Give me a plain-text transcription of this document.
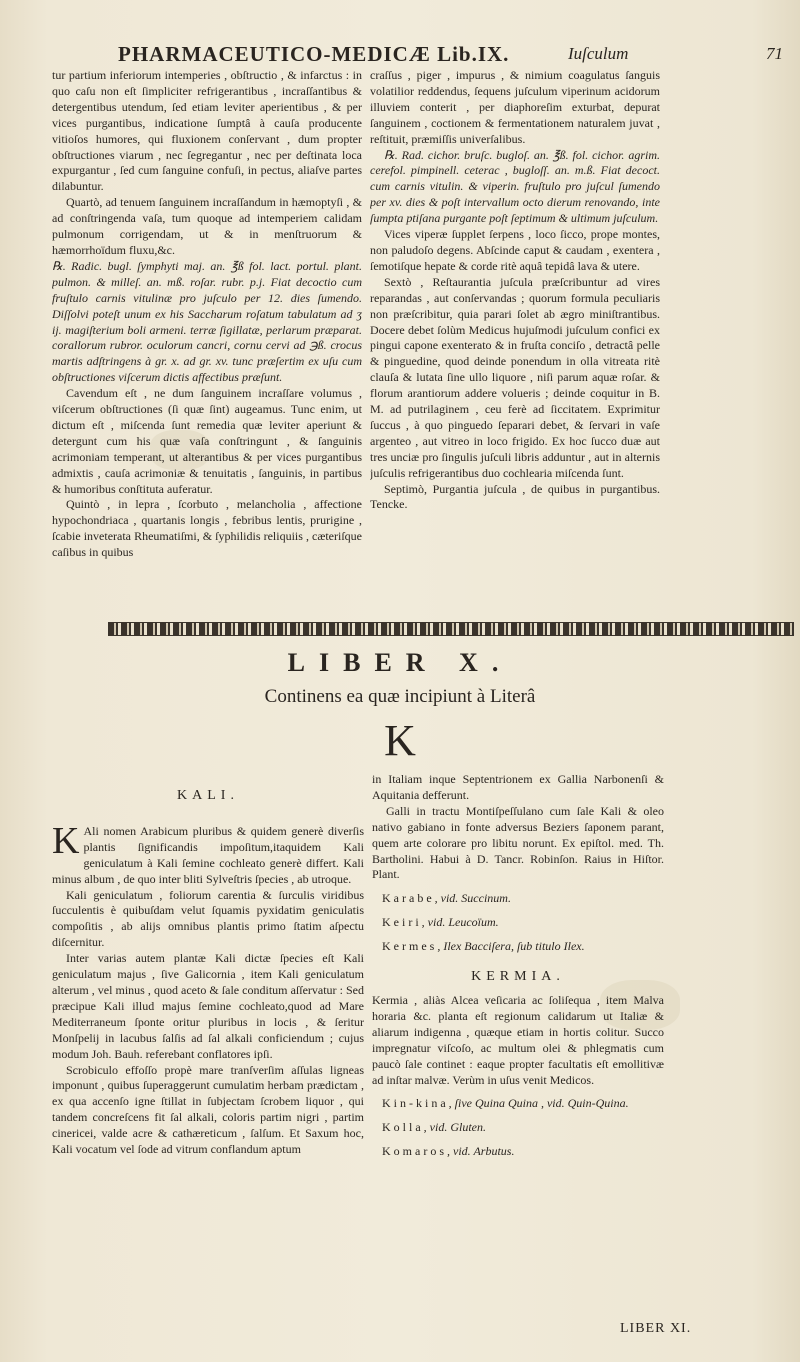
PHARMACEUTICO-MEDICÆ Lib.IX.	Iuſculum	71

tur partium inferiorum intemperies , obſtructio , & infarctus : in quo caſu non eſt ſimpliciter refrigerantibus , incraſſantibus & detergentibus utendum, ſed etiam leviter aperientibus , & per vices purgantibus, indicatione ſumptâ à cauſa producente vitioſos humores, qui fluxionem conſervant , dum propter obſtructiones viarum , nec ſegregantur , nec per deſtinata loca expurgantur , ſed cum ſanguine confuſi, in pectus, aliaſve partes dilabuntur.

Quartò, ad tenuem ſanguinem incraſſandum in hæmoptyſi , & ad conſtringenda vaſa, tum quoque ad intemperiem calidam pulmonum corrigendam, ut & in menſtruorum & hæmorrhoïdum fluxu,&c.

℞. Radic. bugl. ſymphyti maj. an. ℥ß fol. lact. portul. plant. pulmon. & milleſ. an. mß. roſar. rubr. p.j. Fiat decoctio cum fruſtulo carnis vitulinæ pro juſculo per 12. dies ſumendo. Diſſolvi poteſt unum ex his Saccharum roſatum tabulatum ad ʒ ij. magiſterium boli armeni. terræ ſigillatæ, perlarum præparat. corallorum rubror. oculorum cancri, cornu cervi ad ℈ß. crocus martis adſtringens à gr. x. ad gr. xv. tunc præſertim ex uſu cum obſtructiones viſcerum dictis affectibus præſunt.

Cavendum eſt , ne dum ſanguinem incraſſare volumus , viſcerum obſtructiones (ſi quæ ſint) augeamus. Tunc enim, ut dictum eſt , miſcenda ſunt remedia quæ leviter aperiunt & detergunt cum his quæ vaſa conſtringunt , & ſanguinis acrimoniam temperant, ut alterantibus & per vices purgantibus admixtis , cauſa acrimoniæ & tenuitatis , ſanguinis, in partibus & humoribus conſtituta auferatur.

Quintò , in lepra , ſcorbuto , melancholia , affectione hypochondriaca , quartanis longis , febribus lentis, prurigine , ſcabie inveterata Rheumatiſmi, & ſyphilidis reliquiis , cæteriſque caſibus in quibus

craſſus , piger , impurus , & nimium coagulatus ſanguis volatilior reddendus, ſequens juſculum viperinum acidorum illuviem conterit , per diaphoreſim exturbat, depurat ſanguinem , coctionem & fermentationem naturalem juvat , reſtituit, præmiſſis univerſalibus.

℞. Rad. cichor. bruſc. bugloſ. an. ℥ß. fol. cichor. agrim. cerefol. pimpinell. ceterac , bugloſſ. an. m.ß. Fiat decoct. cum carnis vitulin. & viperin. fruſtulo pro juſcul ſumendo per xv. dies & poſt intervallum octo dierum renovando, inte ſumpta ptiſana purgante poſt ſeptimum & ultimum juſculum.

Vices viperæ ſupplet ſerpens , loco ſicco, prope montes, non paludoſo degens. Abſcinde caput & caudam , exentera , ſemotiſque hepate & corde ritè aquâ tepidâ lava & utere.

Sextò , Reſtaurantia juſcula præſcribuntur ad vires reparandas , aut conſervandas ; quorum formula peculiaris non præſcribitur, quia parari ſolet ab ægro miniſtrantibus. Docere debet ſolùm Medicus hujuſmodi juſculum confici ex pingui capone exenterato & in fruſta conciſo , detractâ pelle & pinguedine, quod deinde ponendum in olla vitreata ritè clauſa & lutata ſine ullo liquore , niſi parum aquæ roſar. & florum arantiorum addere volueris ; deinde coquitur in B. M. ad putrilaginem , ceu ferè ad ſiccitatem. Exprimitur ſuccus , à quo pinguedo ſeparari debet, & ſervari in vaſe argenteo , aut vitreo in loco frigido. Ex hoc ſucco duæ aut tres unciæ pro ſingulis juſculi libris adduntur , aut in alternis juſculis refrigerantibus duo cochlearia miſcenda ſunt.

Septimò, Purgantia juſcula , de quibus in purgantibus. Tencke.

LIBER X.
Continens ea quæ incipiunt à Literâ
K
KALI.

K Ali nomen Arabicum pluribus & quidem generè diverſis plantis ſignificandis impoſitum,itaquidem Kali geniculatum à Kali ſemine cochleato generè differt. Kali minus album , de quo inter bliti Sylveſtris ſpecies , ab utroque.

Kali geniculatum , foliorum carentia & ſurculis viridibus ſucculentis è quibuſdam velut ſquamis pyxidatim geniculatis compoſitis , ab alijs omnibus plantis primo ſtatim aſpectu diſcernitur.

Inter varias autem plantæ Kali dictæ ſpecies eſt Kali geniculatum majus , ſive Galicornia , item Kali geniculatum alterum , vel minus , quod aceto & ſale conditum aſſervatur : Sed præcipue Kali illud majus ſemine cochleato,quod ad Mare Mediterraneum ſponte oritur pluribus in locis , & ſeritur Monſpelij in lacubus ſalſis ad ſal alkali conficiendum ; cujus modum Joh. Bauh. referebant conflatores ipſi.

Scrobiculo effoſſo propè mare tranſverſim aſſulas ligneas imponunt , quibus ſuperaggerunt cumulatim herbam prædictam , ex qua accenſo igne ſtillat in ſubjectam ſcrobem liquor , qui tandem concreſcens fit ſal alkali, coloris partim nigri , partim cinericei, valde acre & cathæreticum , ſalſum. Et Saxum hoc, Kali vocatum vel ſode ad vitrum conflandum aptum

in Italiam inque Septentrionem ex Gallia Narbonenſi & Aquitania defferunt.

Galli in tractu Montiſpeſſulano cum ſale Kali & oleo nativo gabiano in fonte adversus Beziers ſaponem parant, quem arte colorare pro libitu norunt. Ex epiſtol. med. Th. Bartholini. Habui à D. Tancr. Robinſon. Raius in Hiſtor. Plant.

Karabe, vid. Succinum.
Keiri, vid. Leucoïum.
Kermes, Ilex Bacciſera, ſub titulo Ilex.
KERMIA.

Kermia , aliàs Alcea veſicaria ac ſoliſequa , item Malva horaria &c. planta eſt regionum calidarum ut Italiæ & aliarum indigenna , quæque etiam in hortis colitur. Succo impregnatur viſcoſo, ac multum olei & phlegmatis cum paucò ſale continet : eaque propter facultatis eſt emollitivæ ad inſtar malvæ. Verùm in uſus venit Medicos.

Kin-kina, ſive Quina Quina , vid. Quin-Quina.
Kolla, vid. Gluten.
Komaros, vid. Arbutus.
LIBER XI.
